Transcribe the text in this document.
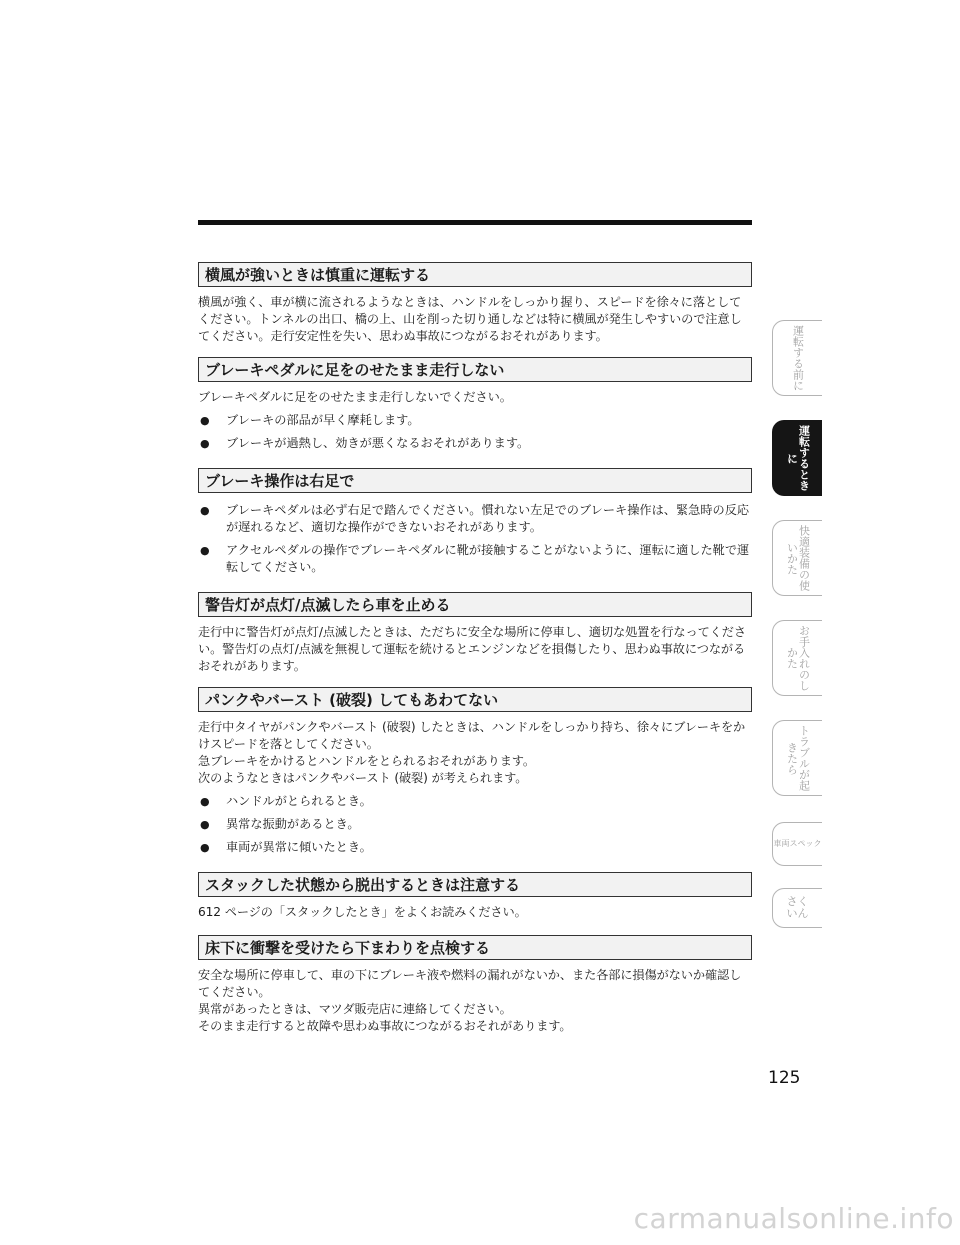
横風が強いときは慎重に運転する

横風が強く、車が横に流されるようなときは、ハンドルをしっかり握り、スピードを徐々に落としてください。トンネルの出口、橋の上、山を削った切り通しなどは特に横風が発生しやすいので注意してください。走行安定性を失い、思わぬ事故につながるおそれがあります。

ブレーキペダルに足をのせたまま走行しない

ブレーキペダルに足をのせたまま走行しないでください。

● ブレーキの部品が早く摩耗します。
● ブレーキが過熱し、効きが悪くなるおそれがあります。
ブレーキ操作は右足で
● ブレーキペダルは必ず右足で踏んでください。慣れない左足でのブレーキ操作は、緊急時の反応が遅れるなど、適切な操作ができないおそれがあります。
● アクセルペダルの操作でブレーキペダルに靴が接触することがないように、運転に適した靴で運転してください。
警告灯が点灯/点滅したら車を止める

走行中に警告灯が点灯/点滅したときは、ただちに安全な場所に停車し、適切な処置を行なってください。警告灯の点灯/点滅を無視して運転を続けるとエンジンなどを損傷したり、思わぬ事故につながるおそれがあります。

パンクやバースト (破裂) してもあわてない

走行中タイヤがパンクやバースト (破裂) したときは、ハンドルをしっかり持ち、徐々にブレーキをかけスピードを落としてください。

急ブレーキをかけるとハンドルをとられるおそれがあります。

次のようなときはパンクやバースト (破裂) が考えられます。

● ハンドルがとられるとき。
● 異常な振動があるとき。
● 車両が異常に傾いたとき。
スタックした状態から脱出するときは注意する

612 ページの「スタックしたとき」をよくお読みください。

床下に衝撃を受けたら下まわりを点検する

安全な場所に停車して、車の下にブレーキ液や燃料の漏れがないか、また各部に損傷がないか確認してください。

異常があったときは、マツダ販売店に連絡してください。

そのまま走行すると故障や思わぬ事故につながるおそれがあります。

運転する前に
運転するときに
快適装備の使いかた
お手入れのしかた
トラブルが起きたら
車両スペック
さくいん
125
carmanualsonline.info
